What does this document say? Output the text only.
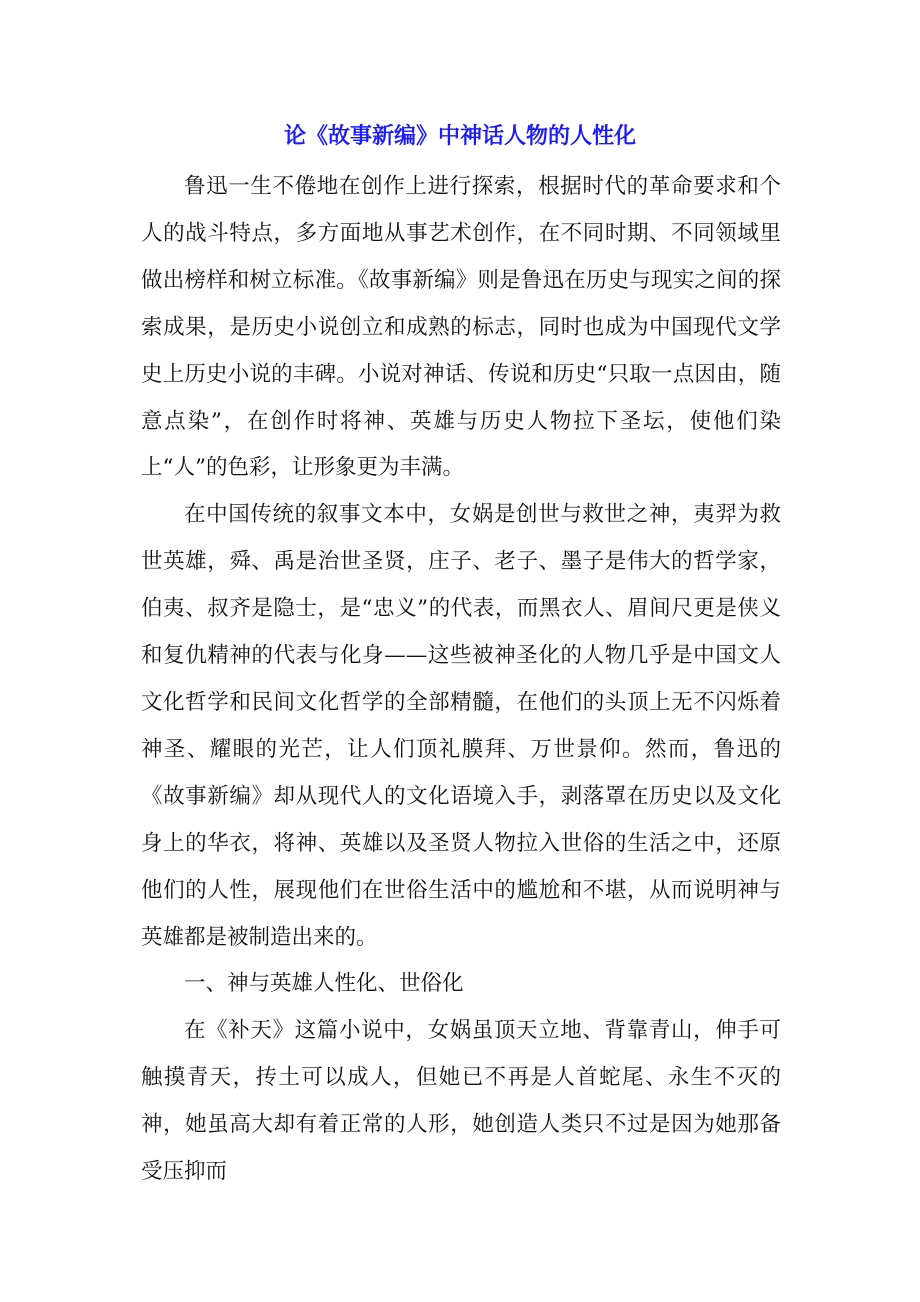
论《故事新编》中神话人物的人性化

鲁迅一生不倦地在创作上进行探索，根据时代的革命要求和个人的战斗特点，多方面地从事艺术创作，在不同时期、不同领域里做出榜样和树立标准。《故事新编》则是鲁迅在历史与现实之间的探索成果，是历史小说创立和成熟的标志，同时也成为中国现代文学史上历史小说的丰碑。小说对神话、传说和历史“只取一点因由，随意点染”，在创作时将神、英雄与历史人物拉下圣坛，使他们染上“人”的色彩，让形象更为丰满。

在中国传统的叙事文本中，女娲是创世与救世之神，夷羿为救世英雄，舜、禹是治世圣贤，庄子、老子、墨子是伟大的哲学家，伯夷、叔齐是隐士，是“忠义”的代表，而黑衣人、眉间尺更是侠义和复仇精神的代表与化身——这些被神圣化的人物几乎是中国文人文化哲学和民间文化哲学的全部精髓，在他们的头顶上无不闪烁着神圣、耀眼的光芒，让人们顶礼膜拜、万世景仰。然而，鲁迅的《故事新编》却从现代人的文化语境入手，剥落罩在历史以及文化身上的华衣，将神、英雄以及圣贤人物拉入世俗的生活之中，还原他们的人性，展现他们在世俗生活中的尴尬和不堪，从而说明神与英雄都是被制造出来的。

一、神与英雄人性化、世俗化

在《补天》这篇小说中，女娲虽顶天立地、背靠青山，伸手可触摸青天，抟土可以成人，但她已不再是人首蛇尾、永生不灭的神，她虽高大却有着正常的人形，她创造人类只不过是因为她那备受压抑而
